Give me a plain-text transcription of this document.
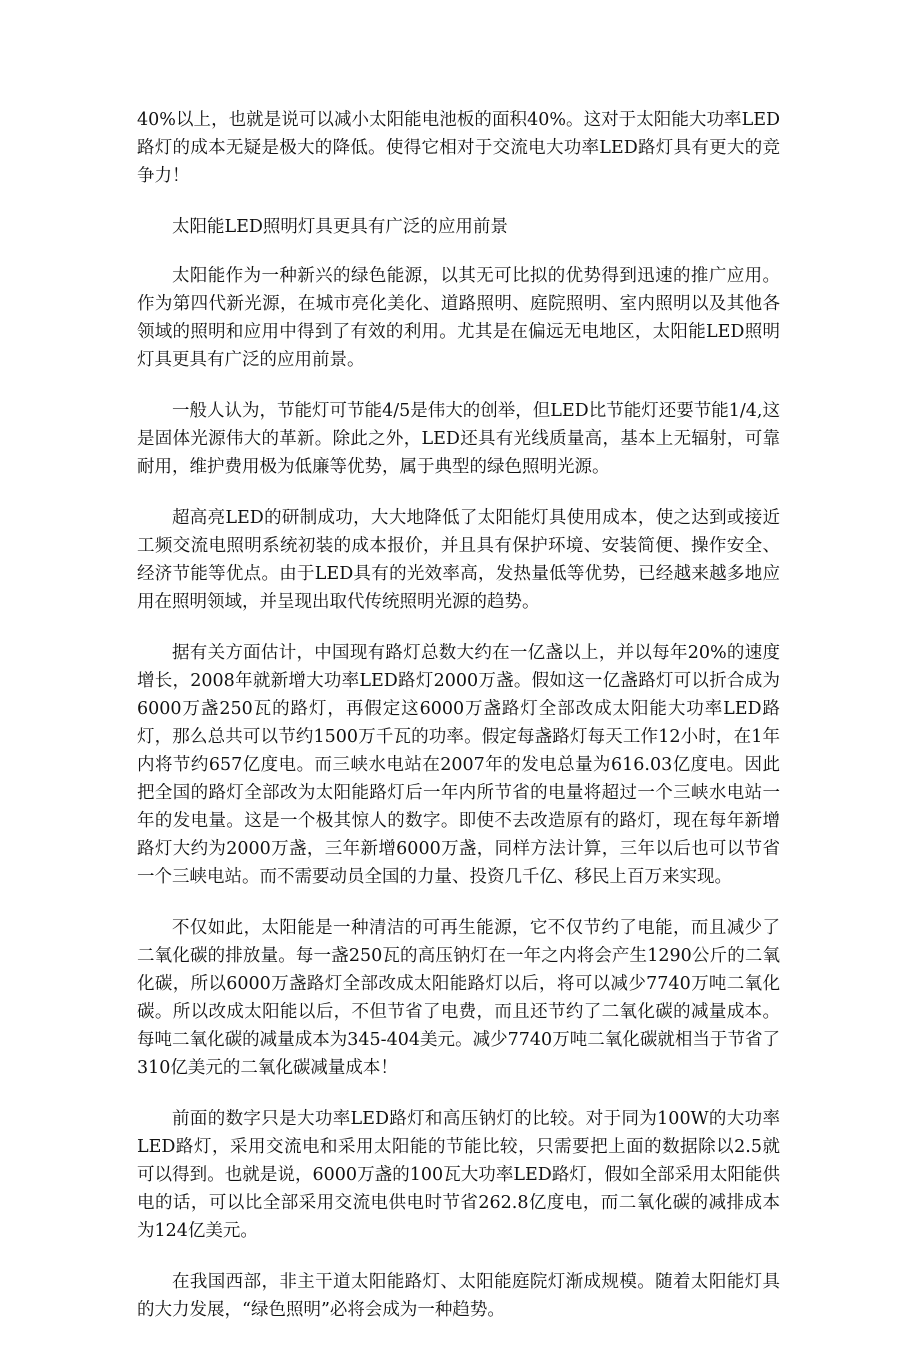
40%以上，也就是说可以减小太阳能电池板的面积40%。这对于太阳能大功率LED路灯的成本无疑是极大的降低。使得它相对于交流电大功率LED路灯具有更大的竞争力！

太阳能LED照明灯具更具有广泛的应用前景

太阳能作为一种新兴的绿色能源，以其无可比拟的优势得到迅速的推广应用。作为第四代新光源，在城市亮化美化、道路照明、庭院照明、室内照明以及其他各领域的照明和应用中得到了有效的利用。尤其是在偏远无电地区，太阳能LED照明灯具更具有广泛的应用前景。

一般人认为，节能灯可节能4/5是伟大的创举，但LED比节能灯还要节能1/4,这是固体光源伟大的革新。除此之外，LED还具有光线质量高，基本上无辐射，可靠耐用，维护费用极为低廉等优势，属于典型的绿色照明光源。

超高亮LED的研制成功，大大地降低了太阳能灯具使用成本，使之达到或接近工频交流电照明系统初装的成本报价，并且具有保护环境、安装简便、操作安全、经济节能等优点。由于LED具有的光效率高，发热量低等优势，已经越来越多地应用在照明领域，并呈现出取代传统照明光源的趋势。

据有关方面估计，中国现有路灯总数大约在一亿盏以上，并以每年20%的速度增长，2008年就新增大功率LED路灯2000万盏。假如这一亿盏路灯可以折合成为6000万盏250瓦的路灯，再假定这6000万盏路灯全部改成太阳能大功率LED路灯，那么总共可以节约1500万千瓦的功率。假定每盏路灯每天工作12小时，在1年内将节约657亿度电。而三峡水电站在2007年的发电总量为616.03亿度电。因此把全国的路灯全部改为太阳能路灯后一年内所节省的电量将超过一个三峡水电站一年的发电量。这是一个极其惊人的数字。即使不去改造原有的路灯，现在每年新增路灯大约为2000万盏，三年新增6000万盏，同样方法计算，三年以后也可以节省一个三峡电站。而不需要动员全国的力量、投资几千亿、移民上百万来实现。

不仅如此，太阳能是一种清洁的可再生能源，它不仅节约了电能，而且减少了二氧化碳的排放量。每一盏250瓦的高压钠灯在一年之内将会产生1290公斤的二氧化碳，所以6000万盏路灯全部改成太阳能路灯以后，将可以减少7740万吨二氧化碳。所以改成太阳能以后，不但节省了电费，而且还节约了二氧化碳的减量成本。每吨二氧化碳的减量成本为345-404美元。减少7740万吨二氧化碳就相当于节省了310亿美元的二氧化碳减量成本！

前面的数字只是大功率LED路灯和高压钠灯的比较。对于同为100W的大功率LED路灯，采用交流电和采用太阳能的节能比较，只需要把上面的数据除以2.5就可以得到。也就是说，6000万盏的100瓦大功率LED路灯，假如全部采用太阳能供电的话，可以比全部采用交流电供电时节省262.8亿度电，而二氧化碳的减排成本为124亿美元。

在我国西部，非主干道太阳能路灯、太阳能庭院灯渐成规模。随着太阳能灯具的大力发展，“绿色照明”必将会成为一种趋势。
